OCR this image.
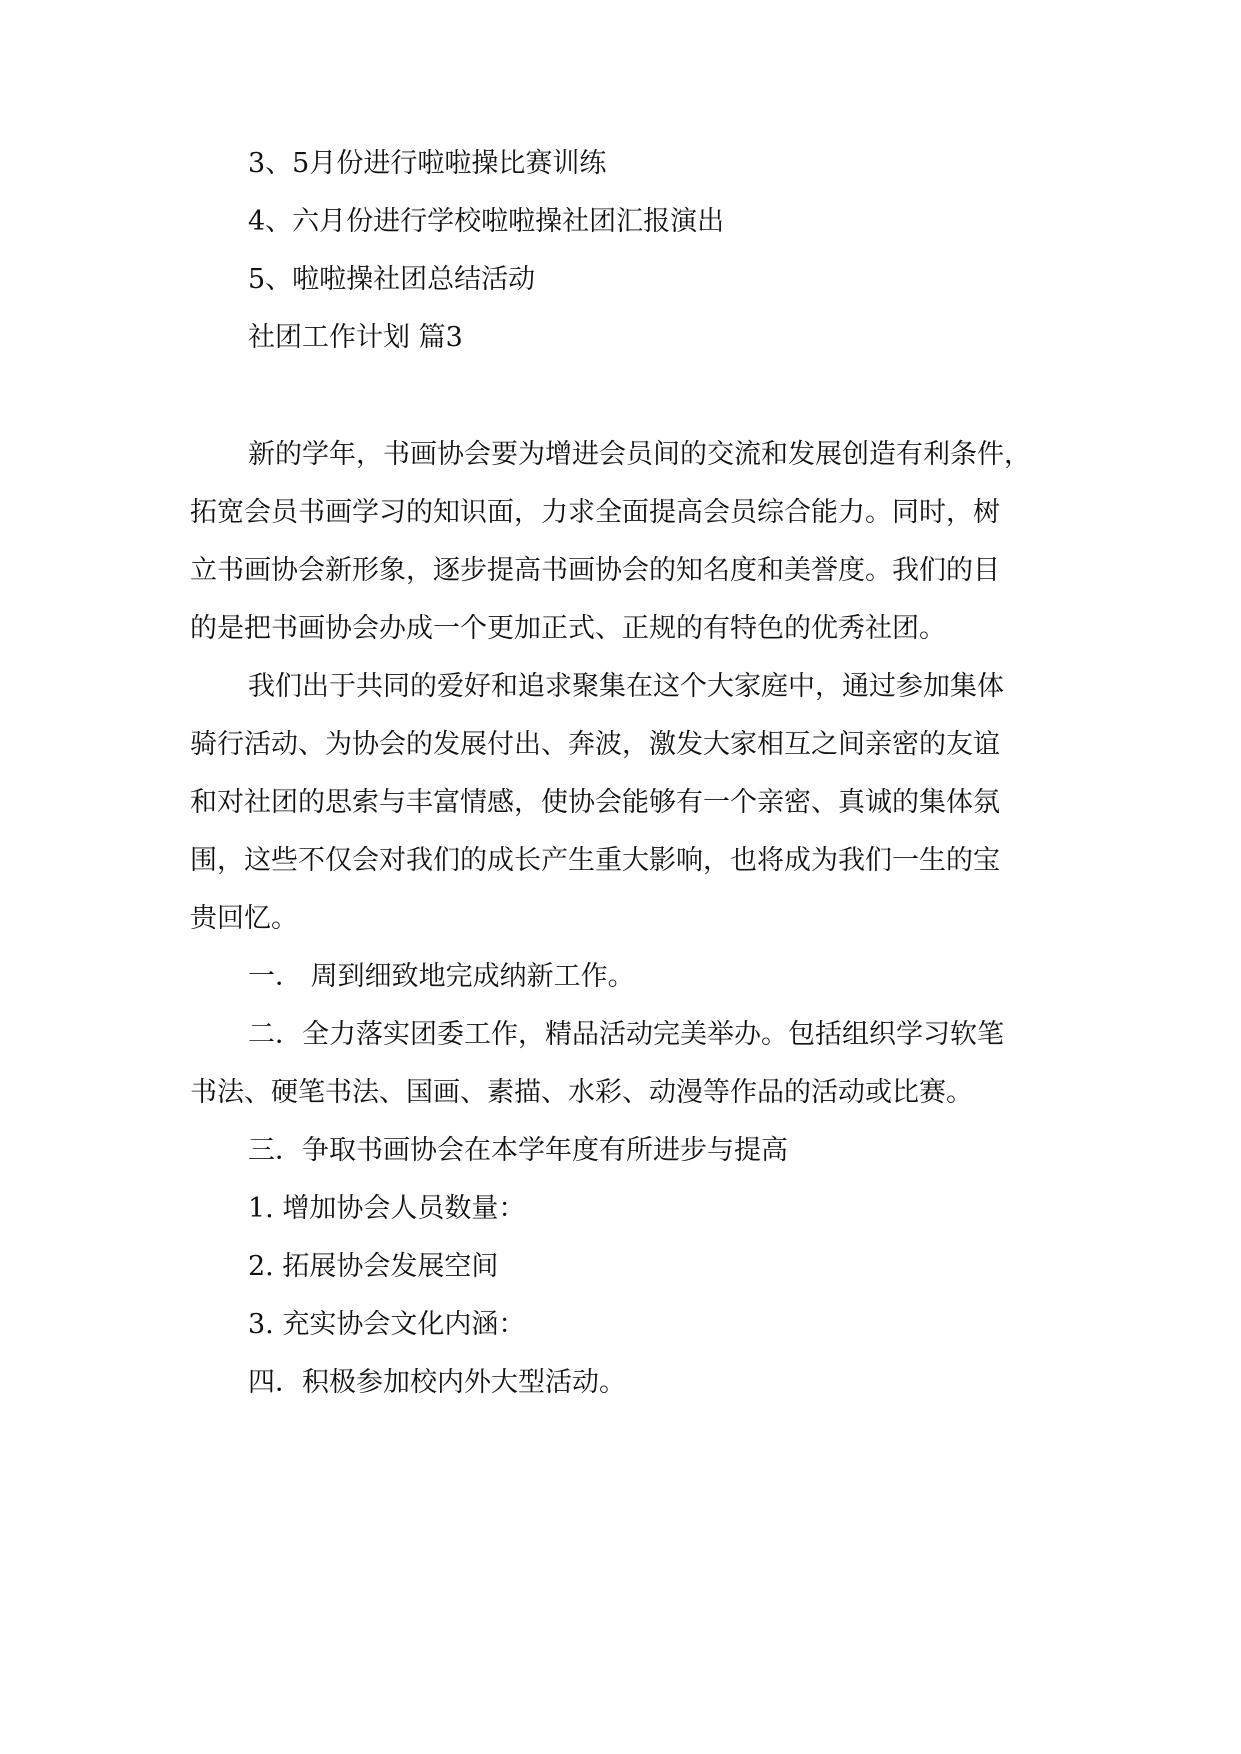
3、5月份进行啦啦操比赛训练
4、六月份进行学校啦啦操社团汇报演出
5、啦啦操社团总结活动
社团工作计划 篇3
新的学年，书画协会要为增进会员间的交流和发展创造有利条件，
拓宽会员书画学习的知识面，力求全面提高会员综合能力。同时，树
立书画协会新形象，逐步提高书画协会的知名度和美誉度。我们的目
的是把书画协会办成一个更加正式、正规的有特色的优秀社团。
我们出于共同的爱好和追求聚集在这个大家庭中，通过参加集体
骑行活动、为协会的发展付出、奔波，激发大家相互之间亲密的友谊
和对社团的思索与丰富情感，使协会能够有一个亲密、真诚的集体氛
围，这些不仅会对我们的成长产生重大影响，也将成为我们一生的宝
贵回忆。
一． 周到细致地完成纳新工作。
二．全力落实团委工作，精品活动完美举办。包括组织学习软笔
书法、硬笔书法、国画、素描、水彩、动漫等作品的活动或比赛。
三．争取书画协会在本学年度有所进步与提高
1. 增加协会人员数量：
2. 拓展协会发展空间
3. 充实协会文化内涵：
四．积极参加校内外大型活动。
